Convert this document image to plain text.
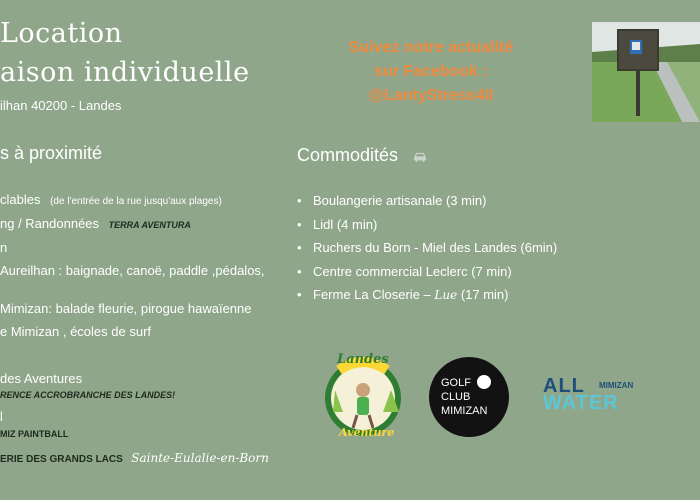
Location
aison individuelle
ilhan 40200 - Landes
Suivez notre actualité
sur Facebook :
@LantyStress40
s à proximité
clables (de l'entrée de la rue jusqu'aux plages)
ng / Randonnées TERRA AVENTURA
n
Aureilhan : baignade, canoë, paddle ,pédalos,
Mimizan: balade fleurie, pirogue hawaïenne
e Mimizan , écoles de surf
des Aventures
RENCE ACCROBRANCHE DES LANDES!
l
MIZ PAINTBALL
ERIE DES GRANDS LACS Sainte-Eulalie-en-Born
Commodités
• Boulangerie artisanale (3 min)
• Lidl (4 min)
• Ruchers du Born - Miel des Landes (6min)
• Centre commercial Leclerc (7 min)
• Ferme La Closerie – Lue (17 min)
Landes
Aventure
GOLF
CLUB
MIMIZAN
ALL MIMIZAN
WATER
